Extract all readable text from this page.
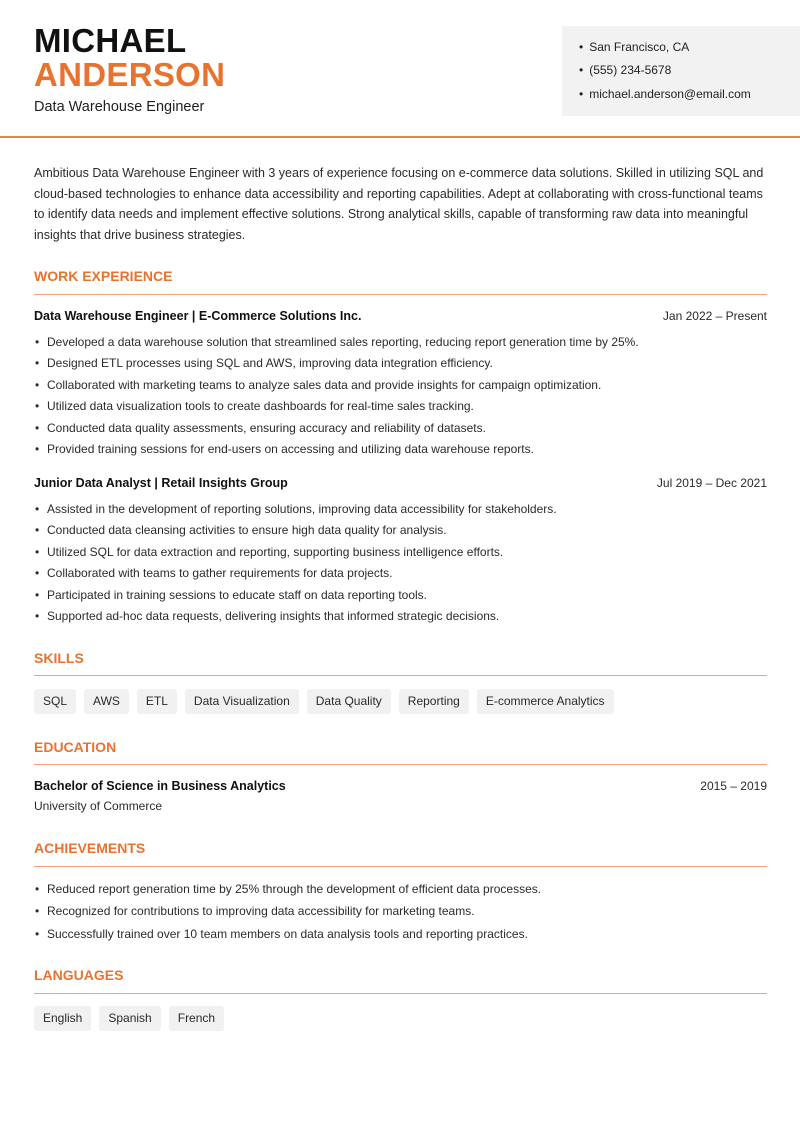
MICHAEL
ANDERSON
Data Warehouse Engineer
• San Francisco, CA
• (555) 234-5678
• michael.anderson@email.com

Ambitious Data Warehouse Engineer with 3 years of experience focusing on e-commerce data solutions. Skilled in utilizing SQL and cloud-based technologies to enhance data accessibility and reporting capabilities. Adept at collaborating with cross-functional teams to identify data needs and implement effective solutions. Strong analytical skills, capable of transforming raw data into meaningful insights that drive business strategies.

WORK EXPERIENCE
Data Warehouse Engineer | E-Commerce Solutions Inc.	Jan 2022 – Present
• Developed a data warehouse solution that streamlined sales reporting, reducing report generation time by 25%.
• Designed ETL processes using SQL and AWS, improving data integration efficiency.
• Collaborated with marketing teams to analyze sales data and provide insights for campaign optimization.
• Utilized data visualization tools to create dashboards for real-time sales tracking.
• Conducted data quality assessments, ensuring accuracy and reliability of datasets.
• Provided training sessions for end-users on accessing and utilizing data warehouse reports.
Junior Data Analyst | Retail Insights Group	Jul 2019 – Dec 2021
• Assisted in the development of reporting solutions, improving data accessibility for stakeholders.
• Conducted data cleansing activities to ensure high data quality for analysis.
• Utilized SQL for data extraction and reporting, supporting business intelligence efforts.
• Collaborated with teams to gather requirements for data projects.
• Participated in training sessions to educate staff on data reporting tools.
• Supported ad-hoc data requests, delivering insights that informed strategic decisions.
SKILLS
SQL	AWS	ETL	Data Visualization	Data Quality	Reporting	E-commerce Analytics
EDUCATION
Bachelor of Science in Business Analytics	2015 – 2019
University of Commerce
ACHIEVEMENTS
• Reduced report generation time by 25% through the development of efficient data processes.
• Recognized for contributions to improving data accessibility for marketing teams.
• Successfully trained over 10 team members on data analysis tools and reporting practices.
LANGUAGES
English	Spanish	French
